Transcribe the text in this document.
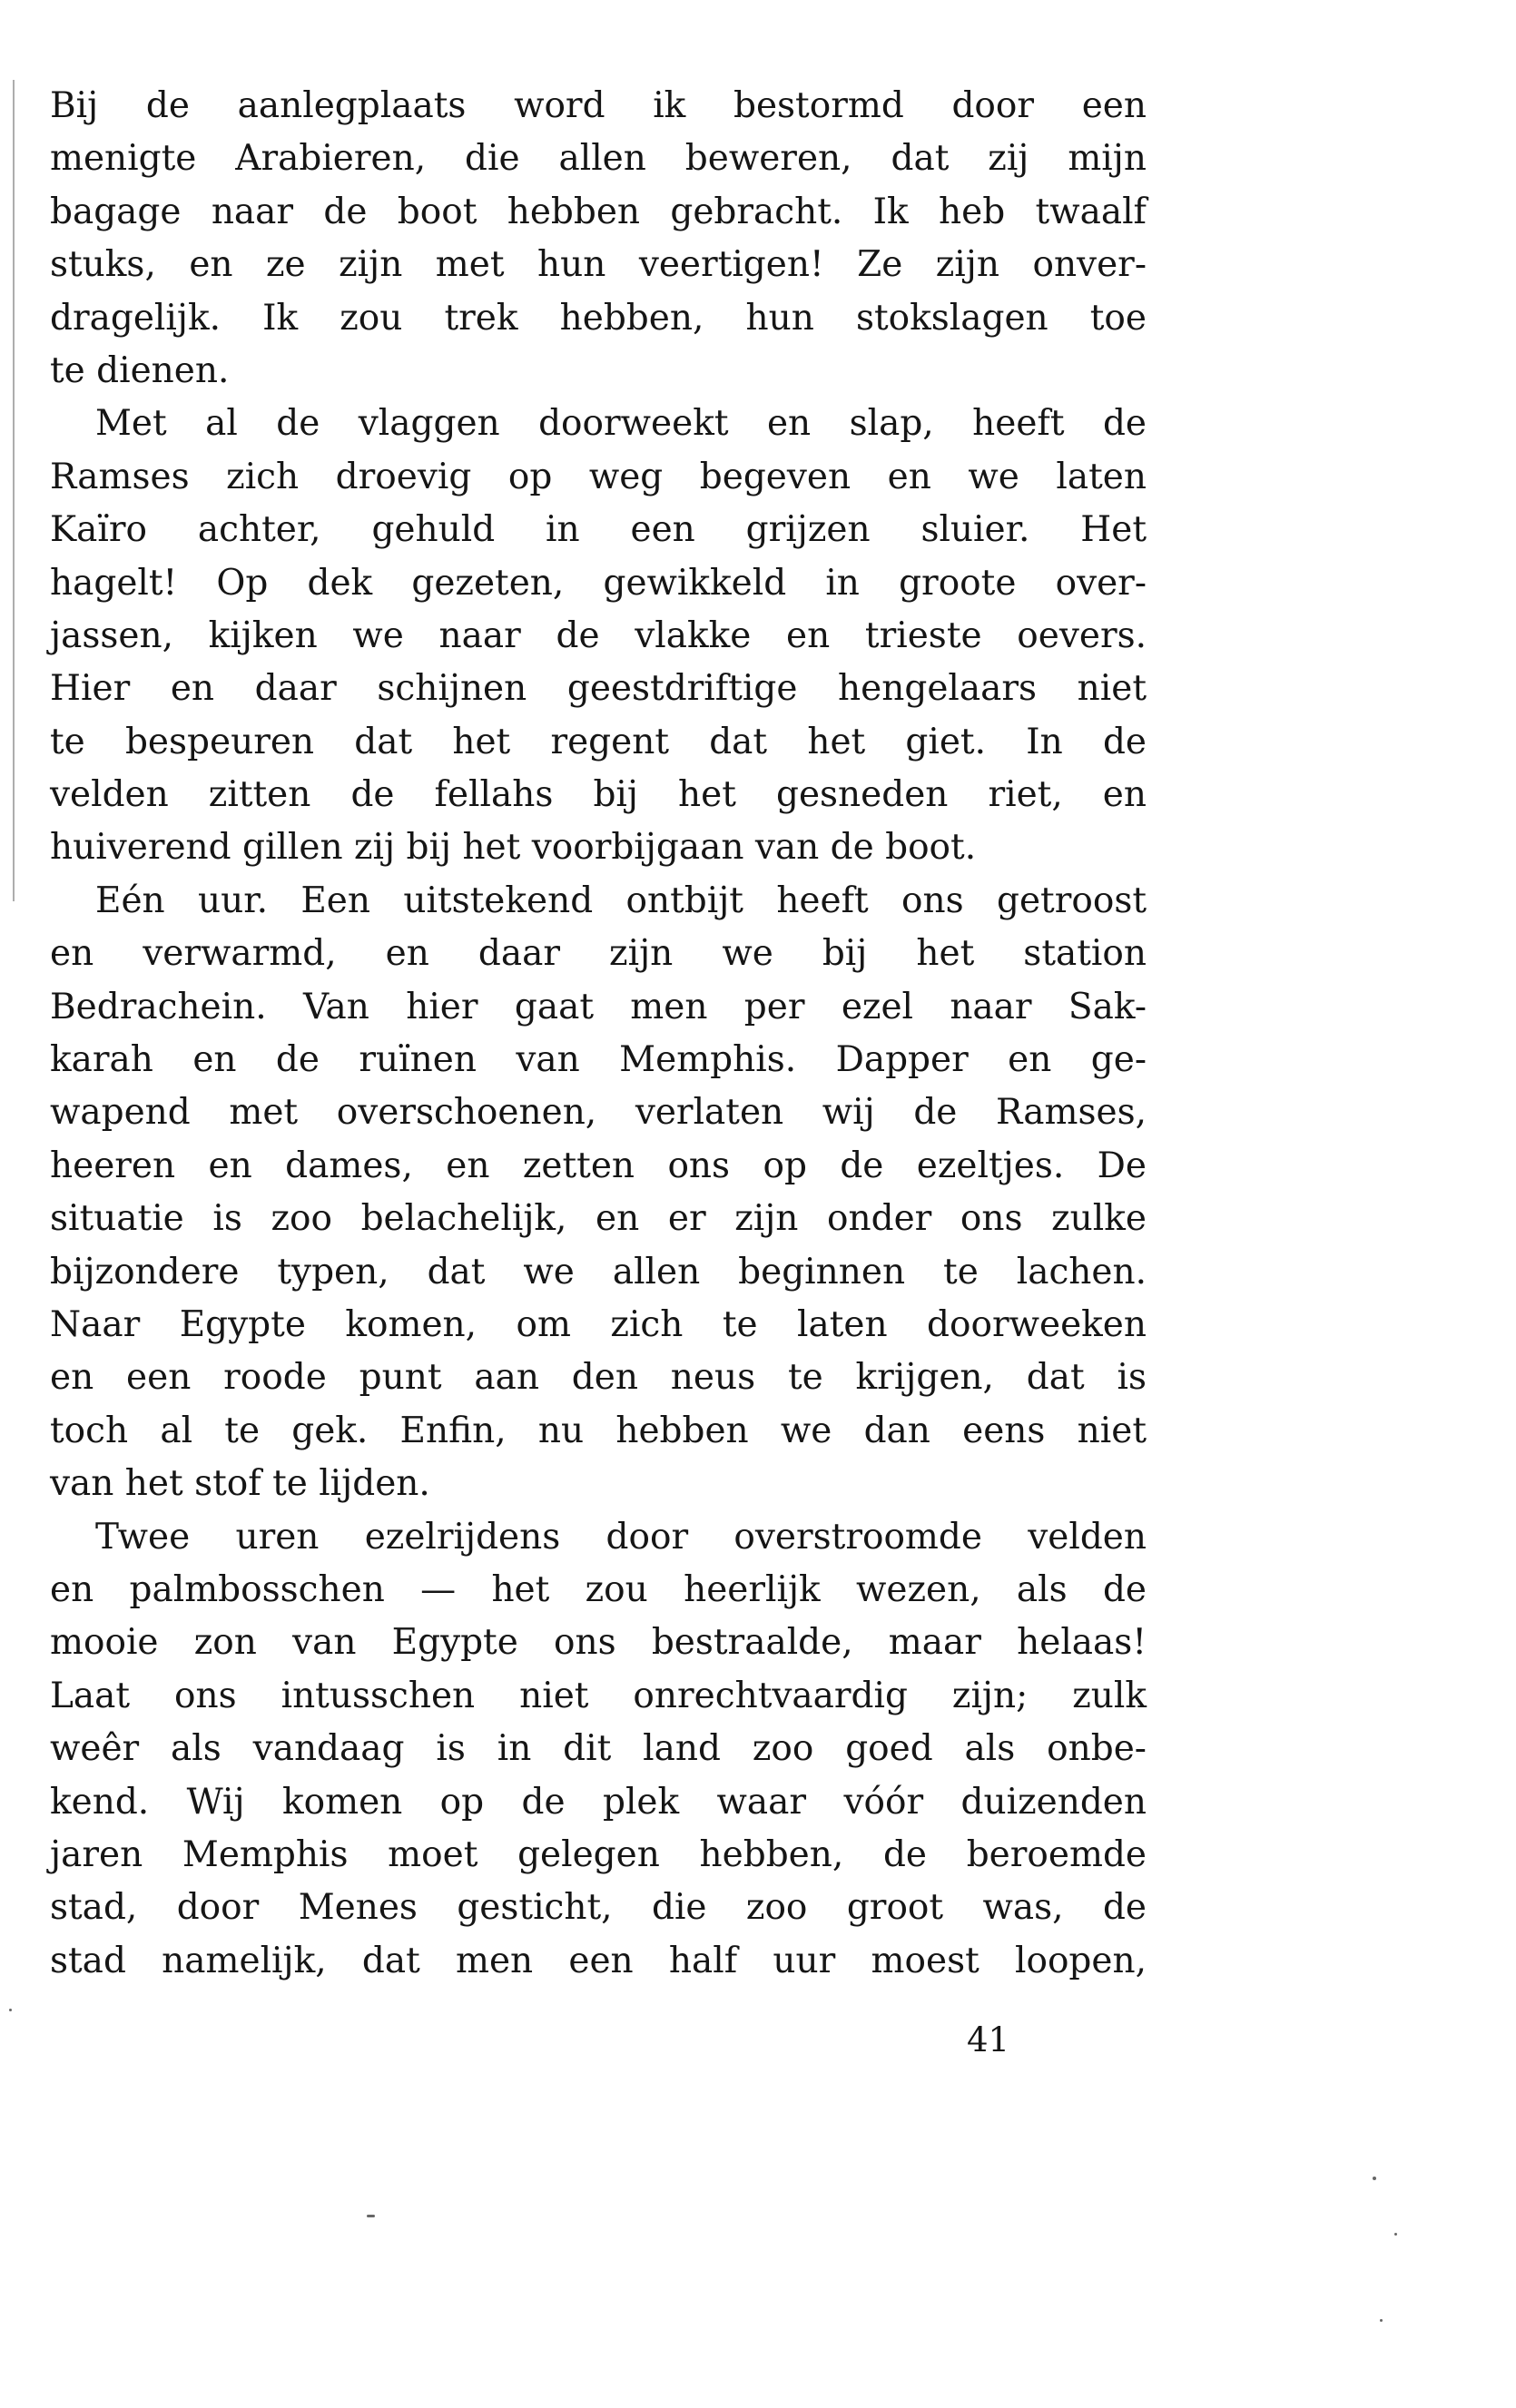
Bij de aanlegplaats word ik bestormd door een
menigte Arabieren, die allen beweren, dat zij mijn
bagage naar de boot hebben gebracht. Ik heb twaalf
stuks, en ze zijn met hun veertigen! Ze zijn onver-
dragelijk. Ik zou trek hebben, hun stokslagen toe
te dienen.
Met al de vlaggen doorweekt en slap, heeft de
Ramses zich droevig op weg begeven en we laten
Kaïro achter, gehuld in een grijzen sluier. Het
hagelt! Op dek gezeten, gewikkeld in groote over-
jassen, kijken we naar de vlakke en trieste oevers.
Hier en daar schijnen geestdriftige hengelaars niet
te bespeuren dat het regent dat het giet. In de
velden zitten de fellahs bij het gesneden riet, en
huiverend gillen zij bij het voorbijgaan van de boot.
Eén uur. Een uitstekend ontbijt heeft ons getroost
en verwarmd, en daar zijn we bij het station
Bedrachein. Van hier gaat men per ezel naar Sak-
karah en de ruïnen van Memphis. Dapper en ge-
wapend met overschoenen, verlaten wij de Ramses,
heeren en dames, en zetten ons op de ezeltjes. De
situatie is zoo belachelijk, en er zijn onder ons zulke
bijzondere typen, dat we allen beginnen te lachen.
Naar Egypte komen, om zich te laten doorweeken
en een roode punt aan den neus te krijgen, dat is
toch al te gek. Enfin, nu hebben we dan eens niet
van het stof te lijden.
Twee uren ezelrijdens door overstroomde velden
en palmbosschen — het zou heerlijk wezen, als de
mooie zon van Egypte ons bestraalde, maar helaas!
Laat ons intusschen niet onrechtvaardig zijn; zulk
weêr als vandaag is in dit land zoo goed als onbe-
kend. Wij komen op de plek waar vóór duizenden
jaren Memphis moet gelegen hebben, de beroemde
stad, door Menes gesticht, die zoo groot was, de
stad namelijk, dat men een half uur moest loopen,
41
